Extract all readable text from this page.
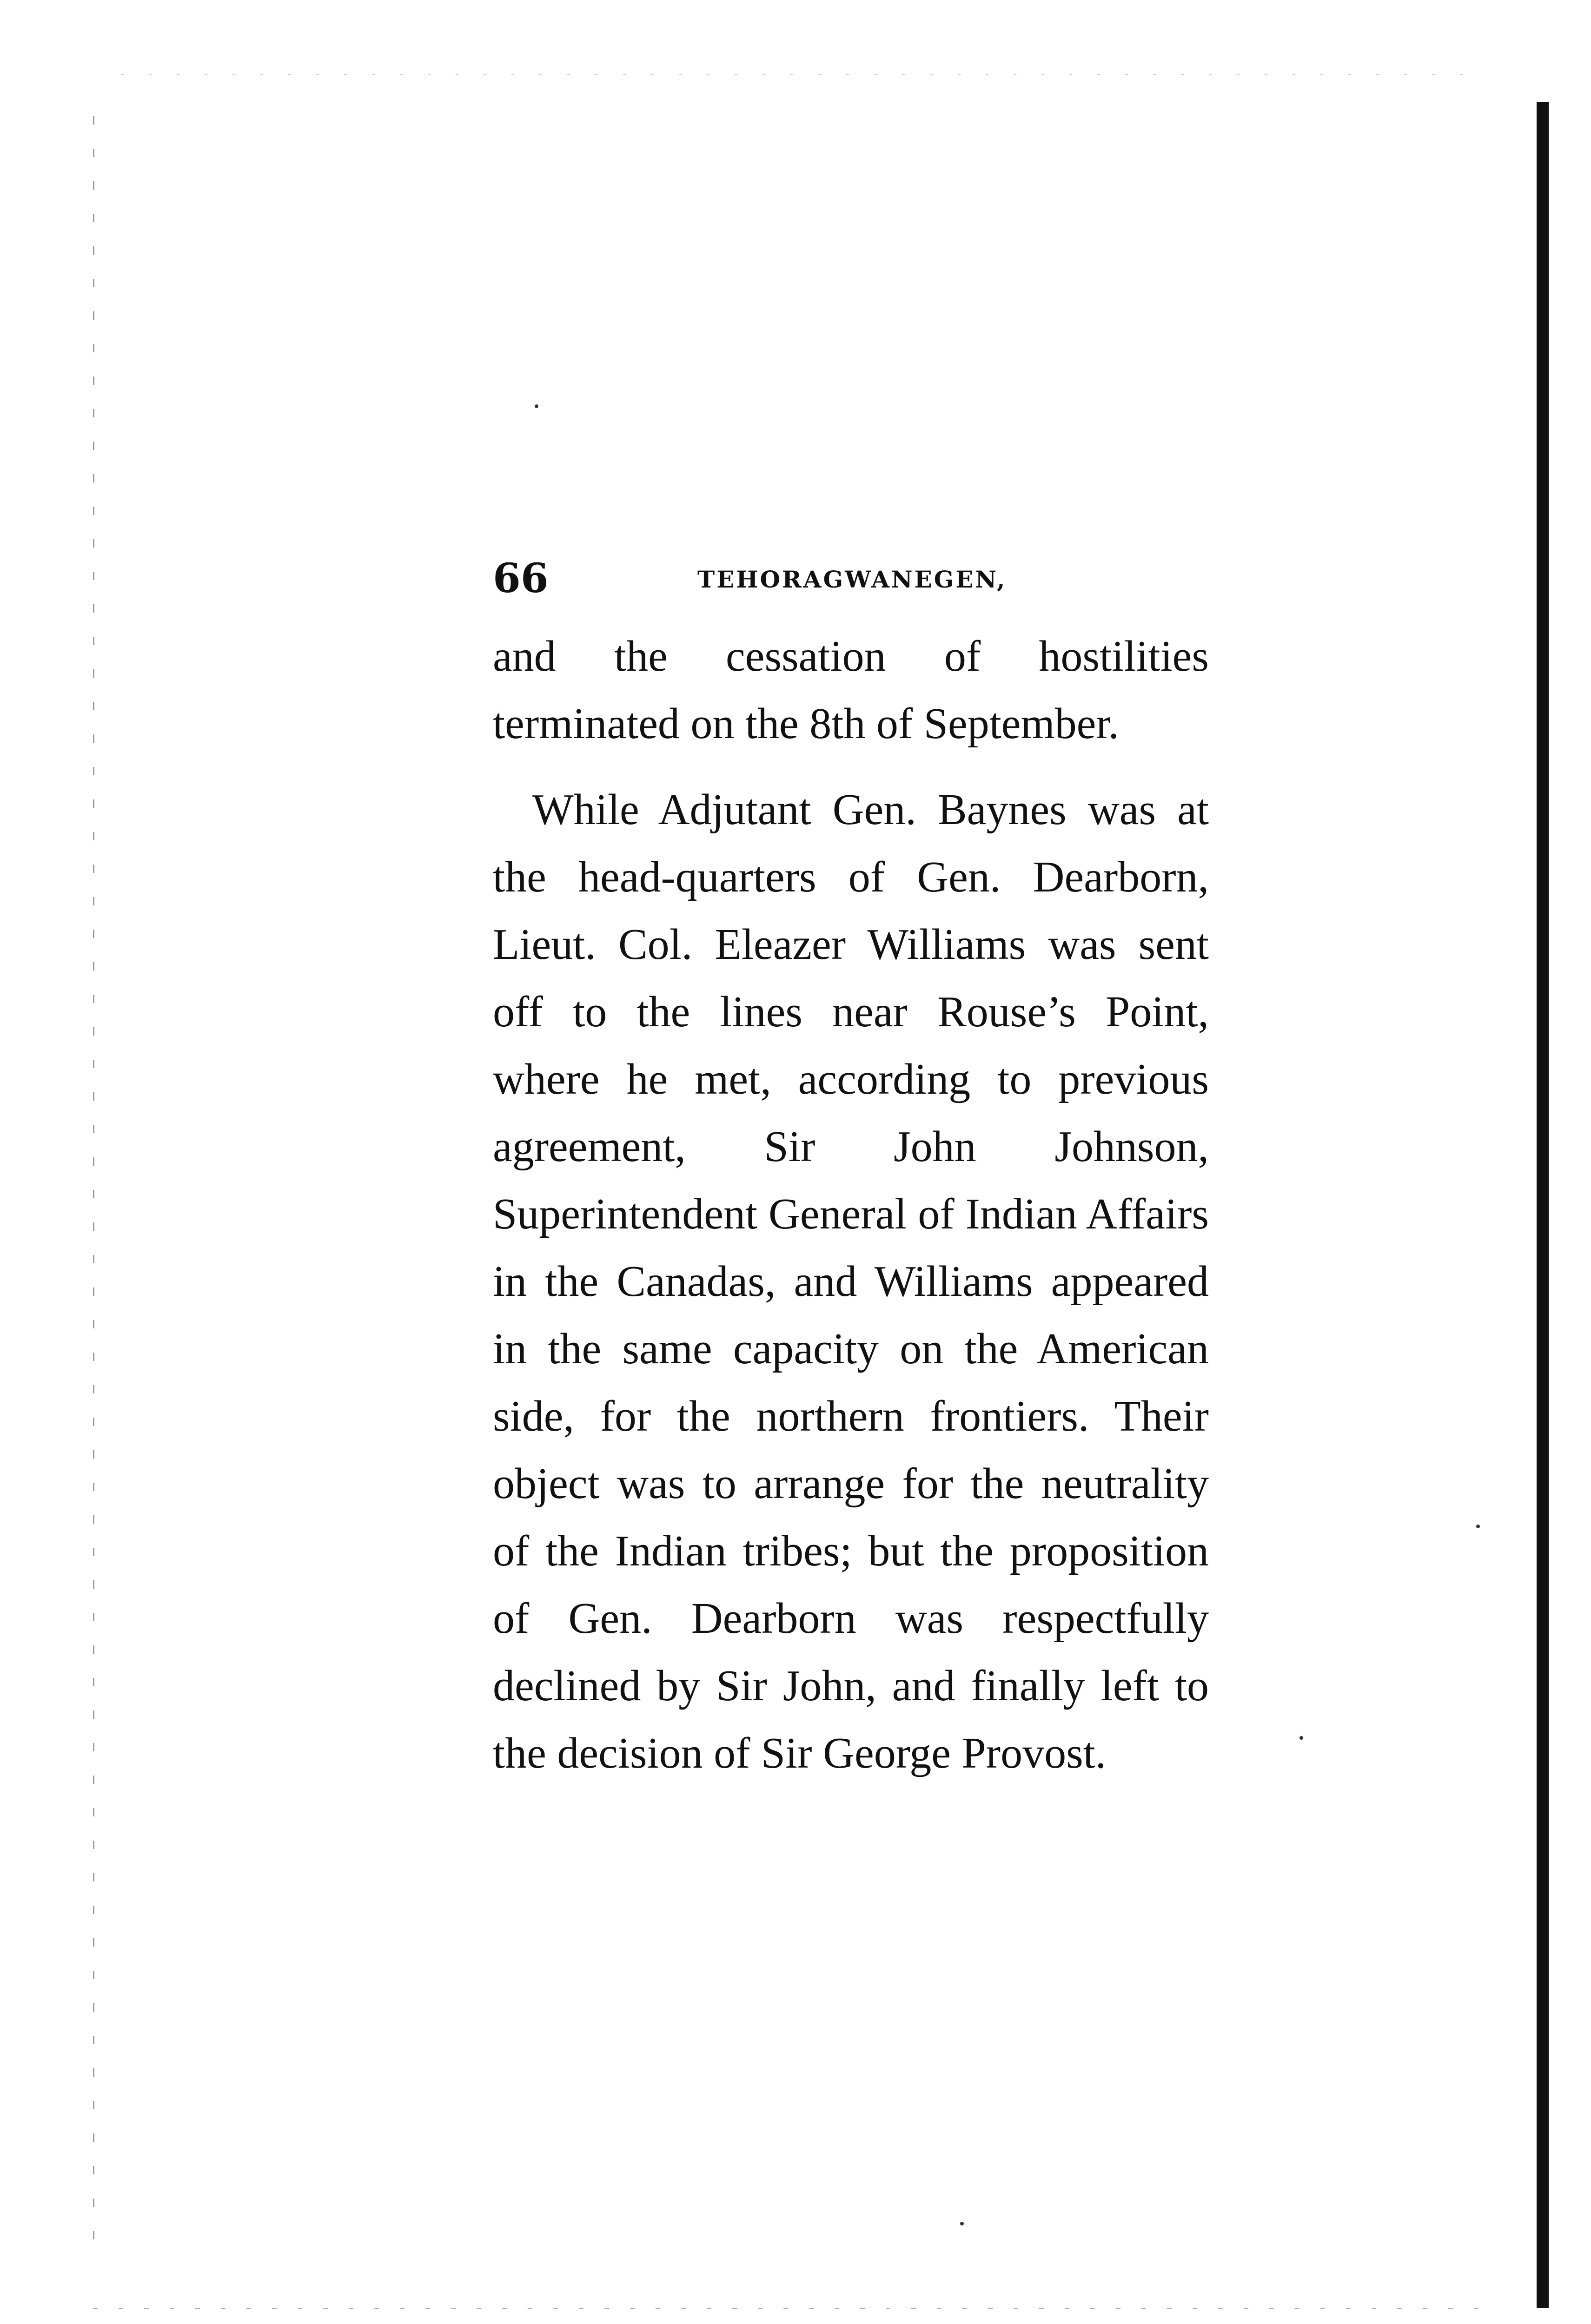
66	TEHORAGWANEGEN,

and the cessation of hostilities terminated on the 8th of September.

While Adjutant Gen. Baynes was at the head-quarters of Gen. Dearborn, Lieut. Col. Eleazer Williams was sent off to the lines near Rouse’s Point, where he met, according to previous agreement, Sir John Johnson, Superintendent General of Indian Affairs in the Canadas, and Williams appeared in the same capacity on the American side, for the northern frontiers. Their object was to arrange for the neutrality of the Indian tribes; but the proposition of Gen. Dearborn was respectfully declined by Sir John, and finally left to the decision of Sir George Provost.
